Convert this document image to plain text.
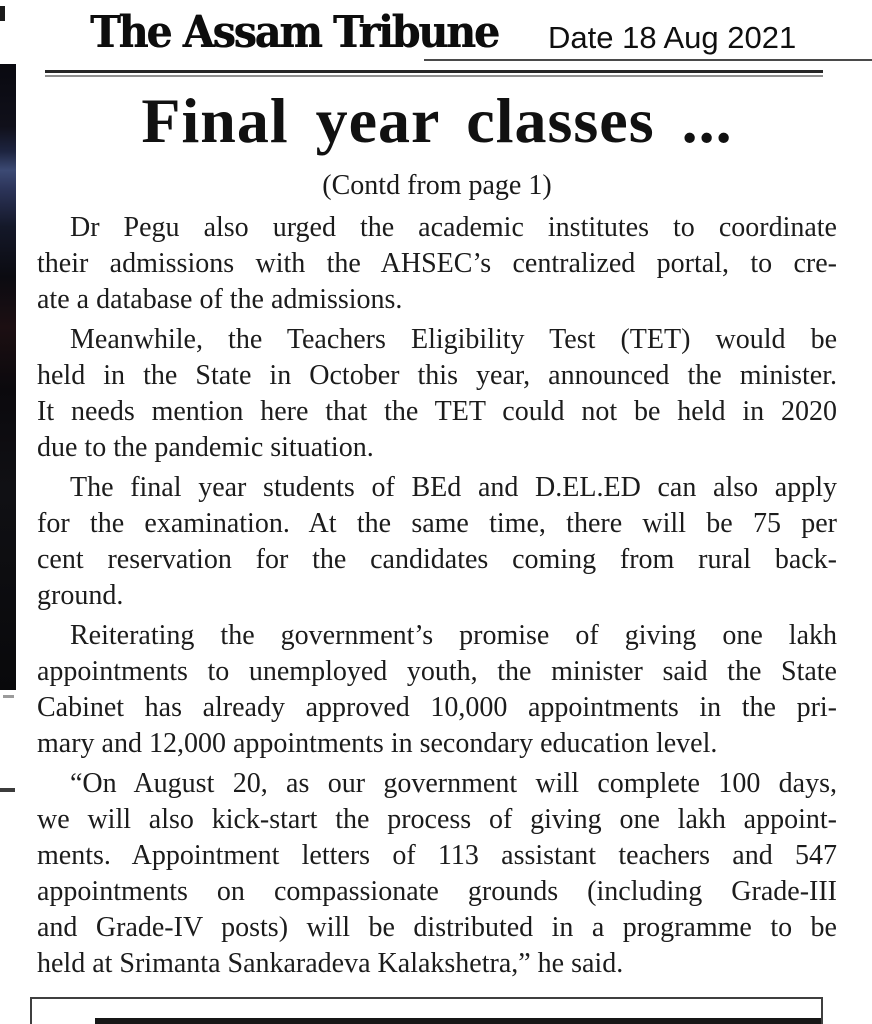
The Assam Tribune Date 18 Aug 2021
Final year classes ...
(Contd from page 1)

Dr Pegu also urged the academic institutes to coordinate
their admissions with the AHSEC’s centralized portal, to cre-
ate a database of the admissions.

Meanwhile, the Teachers Eligibility Test (TET) would be
held in the State in October this year, announced the minister.
It needs mention here that the TET could not be held in 2020
due to the pandemic situation.

The final year students of BEd and D.EL.ED can also apply
for the examination. At the same time, there will be 75 per
cent reservation for the candidates coming from rural back-
ground.

Reiterating the government’s promise of giving one lakh
appointments to unemployed youth, the minister said the State
Cabinet has already approved 10,000 appointments in the pri-
mary and 12,000 appointments in secondary education level.

“On August 20, as our government will complete 100 days,
we will also kick-start the process of giving one lakh appoint-
ments. Appointment letters of 113 assistant teachers and 547
appointments on compassionate grounds (including Grade-III
and Grade-IV posts) will be distributed in a programme to be
held at Srimanta Sankaradeva Kalakshetra,” he said.
